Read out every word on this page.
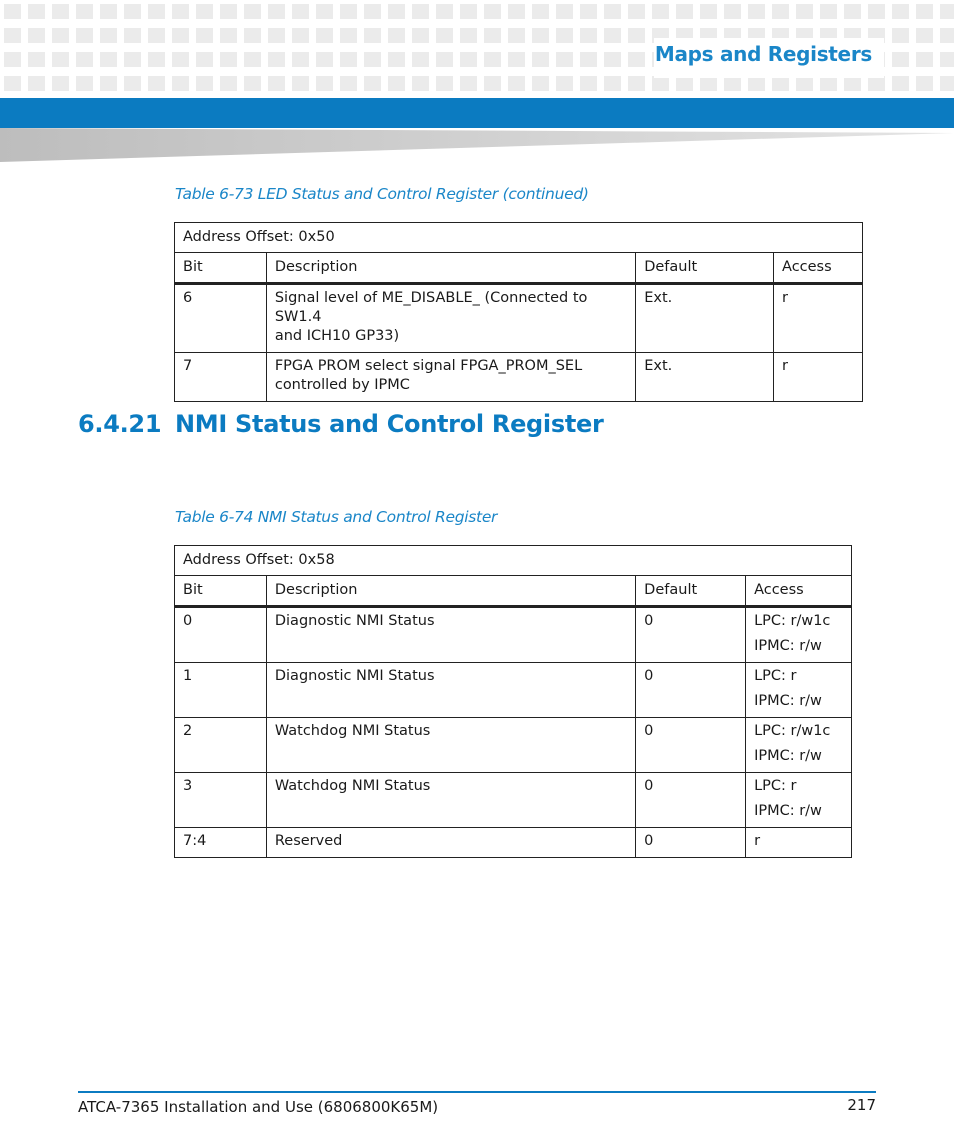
Maps and Registers
Table 6-73 LED Status and Control Register (continued)
Address Offset: 0x50			
Bit	Description	Default	Access
6	Signal level of ME_DISABLE_ (Connected to SW1.4
and ICH10 GP33)	Ext.	r
7	FPGA PROM select signal FPGA_PROM_SEL
controlled by IPMC	Ext.	r
6.4.21 NMI Status and Control Register
Table 6-74 NMI Status and Control Register
Address Offset: 0x58			
Bit	Description	Default	Access
0	Diagnostic NMI Status	0	LPC: r/w1c
IPMC: r/w

1	Diagnostic NMI Status	0	LPC: r
IPMC: r/w

2	Watchdog NMI Status	0	LPC: r/w1c
IPMC: r/w

3	Watchdog NMI Status	0	LPC: r
IPMC: r/w

7:4	Reserved	0	r
ATCA-7365 Installation and Use (6806800K65M)	217
